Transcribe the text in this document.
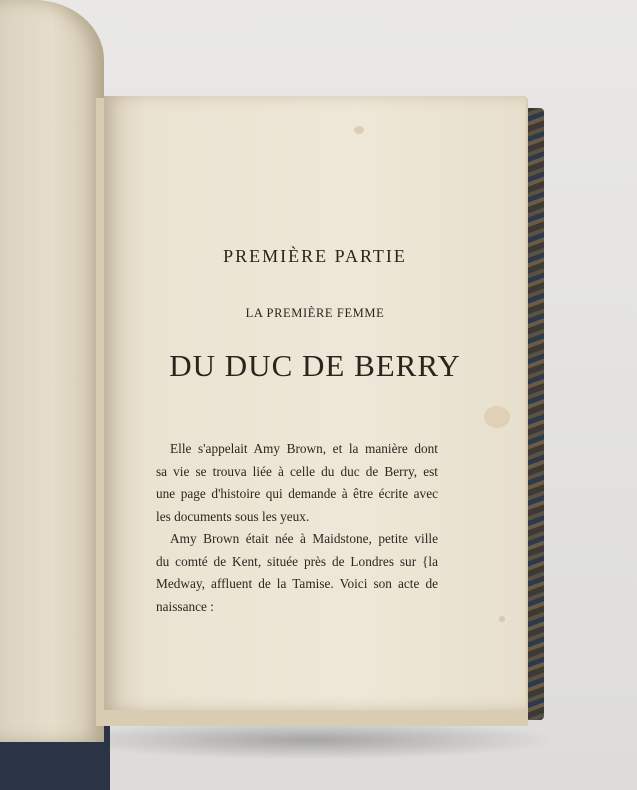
PREMIÈRE PARTIE
LA PREMIÈRE FEMME
DU DUC DE BERRY
Elle s'appelait Amy Brown, et la manière dont
sa vie se trouva liée à celle du duc de Berry, est
une page d'histoire qui demande à être écrite avec
les documents sous les yeux.
Amy Brown était née à Maidstone, petite ville
du comté de Kent, située près de Londres sur {la
Medway, affluent de la Tamise. Voici son acte de
naissance :
